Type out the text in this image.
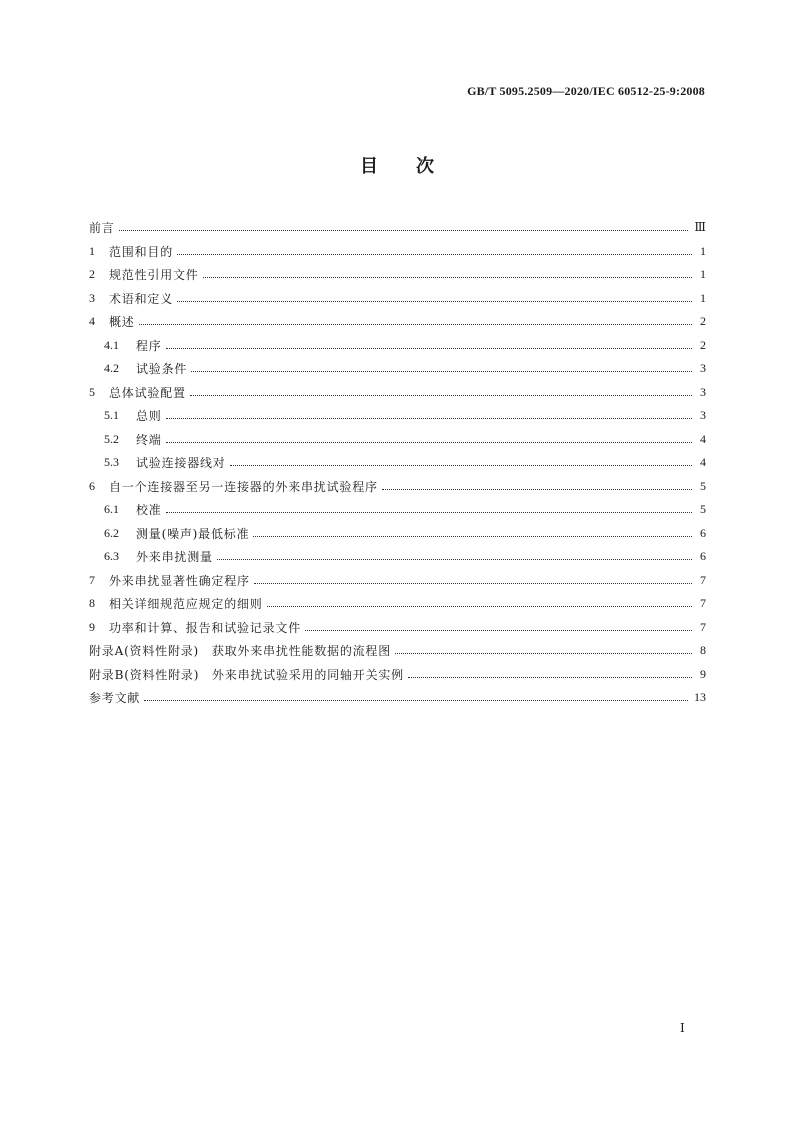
GB/T 5095.2509—2020/IEC 60512-25-9:2008
目 次
前言	Ⅲ
1	范围和目的	1
2	规范性引用文件	1
3	术语和定义	1
4	概述	2
4.1	程序	2
4.2	试验条件	3
5	总体试验配置	3
5.1	总则	3
5.2	终端	4
5.3	试验连接器线对	4
6	自一个连接器至另一连接器的外来串扰试验程序	5
6.1	校准	5
6.2	测量(噪声)最低标准	6
6.3	外来串扰测量	6
7	外来串扰显著性确定程序	7
8	相关详细规范应规定的细则	7
9	功率和计算、报告和试验记录文件	7
附录A(资料性附录)　获取外来串扰性能数据的流程图	8
附录B(资料性附录)　外来串扰试验采用的同轴开关实例	9
参考文献	13
Ⅰ
